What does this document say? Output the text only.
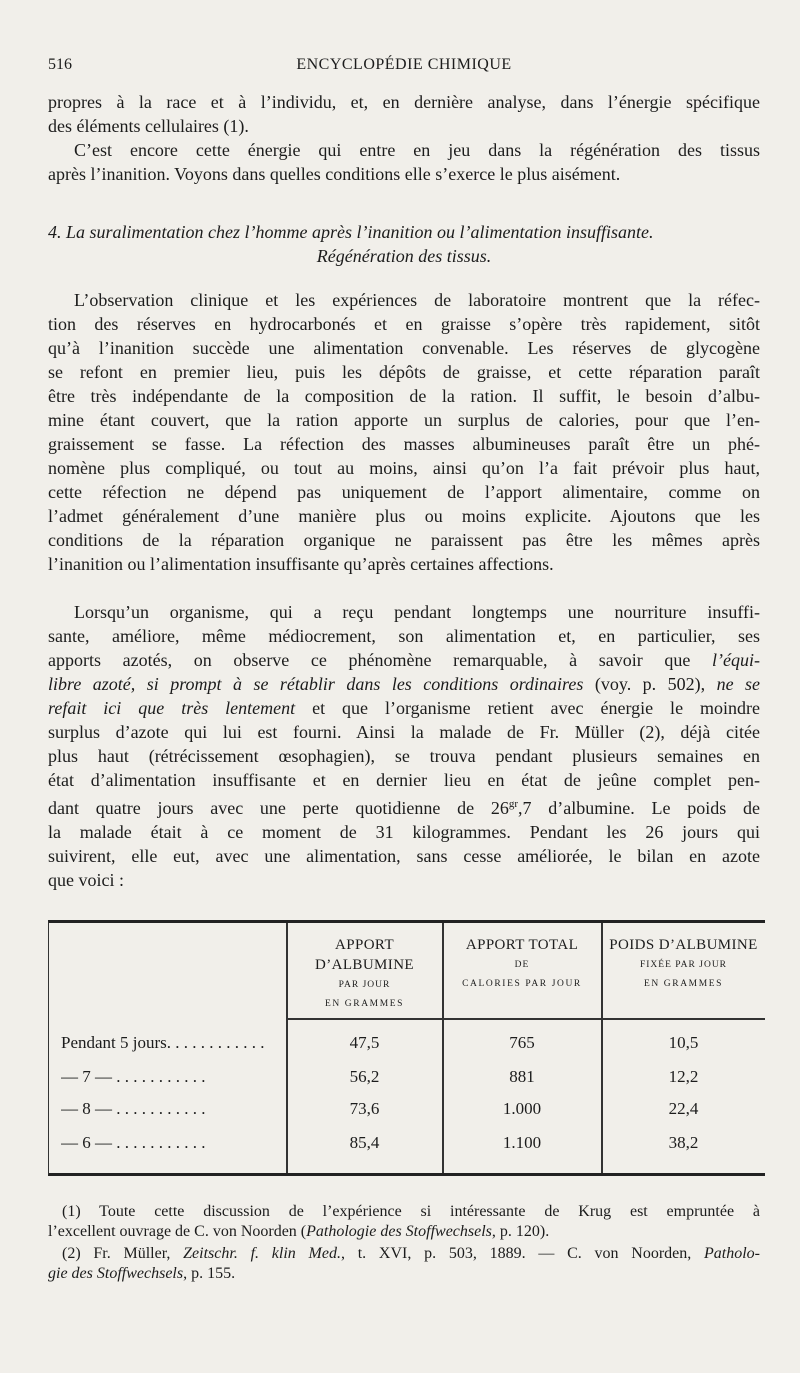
516	ENCYCLOPÉDIE CHIMIQUE
propres à la race et à l’individu, et, en dernière analyse, dans l’énergie spécifique
des éléments cellulaires (1).
C’est encore cette énergie qui entre en jeu dans la régénération des tissus
après l’inanition. Voyons dans quelles conditions elle s’exerce le plus aisément.
4. La suralimentation chez l’homme après l’inanition ou l’alimentation insuffisante.
Régénération des tissus.
L’observation clinique et les expériences de laboratoire montrent que la réfec-
tion des réserves en hydrocarbonés et en graisse s’opère très rapidement, sitôt
qu’à l’inanition succède une alimentation convenable. Les réserves de glycogène
se refont en premier lieu, puis les dépôts de graisse, et cette réparation paraît
être très indépendante de la composition de la ration. Il suffit, le besoin d’albu-
mine étant couvert, que la ration apporte un surplus de calories, pour que l’en-
graissement se fasse. La réfection des masses albumineuses paraît être un phé-
nomène plus compliqué, ou tout au moins, ainsi qu’on l’a fait prévoir plus haut,
cette réfection ne dépend pas uniquement de l’apport alimentaire, comme on
l’admet généralement d’une manière plus ou moins explicite. Ajoutons que les
conditions de la réparation organique ne paraissent pas être les mêmes après
l’inanition ou l’alimentation insuffisante qu’après certaines affections.
Lorsqu’un organisme, qui a reçu pendant longtemps une nourriture insuffi-
sante, améliore, même médiocrement, son alimentation et, en particulier, ses
apports azotés, on observe ce phénomène remarquable, à savoir que l’équi-
libre azoté, si prompt à se rétablir dans les conditions ordinaires (voy. p. 502), ne se
refait ici que très lentement et que l’organisme retient avec énergie le moindre
surplus d’azote qui lui est fourni. Ainsi la malade de Fr. Müller (2), déjà citée
plus haut (rétrécissement œsophagien), se trouva pendant plusieurs semaines en
état d’alimentation insuffisante et en dernier lieu en état de jeûne complet pen-
dant quatre jours avec une perte quotidienne de $26^{gr},7$ d’albumine. Le poids de
la malade était à ce moment de 31 kilogrammes. Pendant les 26 jours qui
suivirent, elle eut, avec une alimentation, sans cesse améliorée, le bilan en azote
que voici :
APPORT D’ALBUMINE
PAR JOUR
EN GRAMMES
APPORT TOTAL
DE
CALORIES PAR JOUR
POIDS D’ALBUMINE
FIXÉE PAR JOUR
EN GRAMMES
Pendant 5 jours. . . . . . . . . . . .	47,5	765	10,5
— 7 — . . . . . . . . . . .	56,2	881	12,2
— 8 — . . . . . . . . . . .	73,6	1.000	22,4
— 6 — . . . . . . . . . . .	85,4	1.100	38,2
(1) Toute cette discussion de l’expérience si intéressante de Krug est empruntée à
l’excellent ouvrage de C. von Noorden (Pathologie des Stoffwechsels, p. 120).
(2) Fr. Müller, Zeitschr. f. klin Med., t. XVI, p. 503, 1889. — C. von Noorden, Patholo-
gie des Stoffwechsels, p. 155.
